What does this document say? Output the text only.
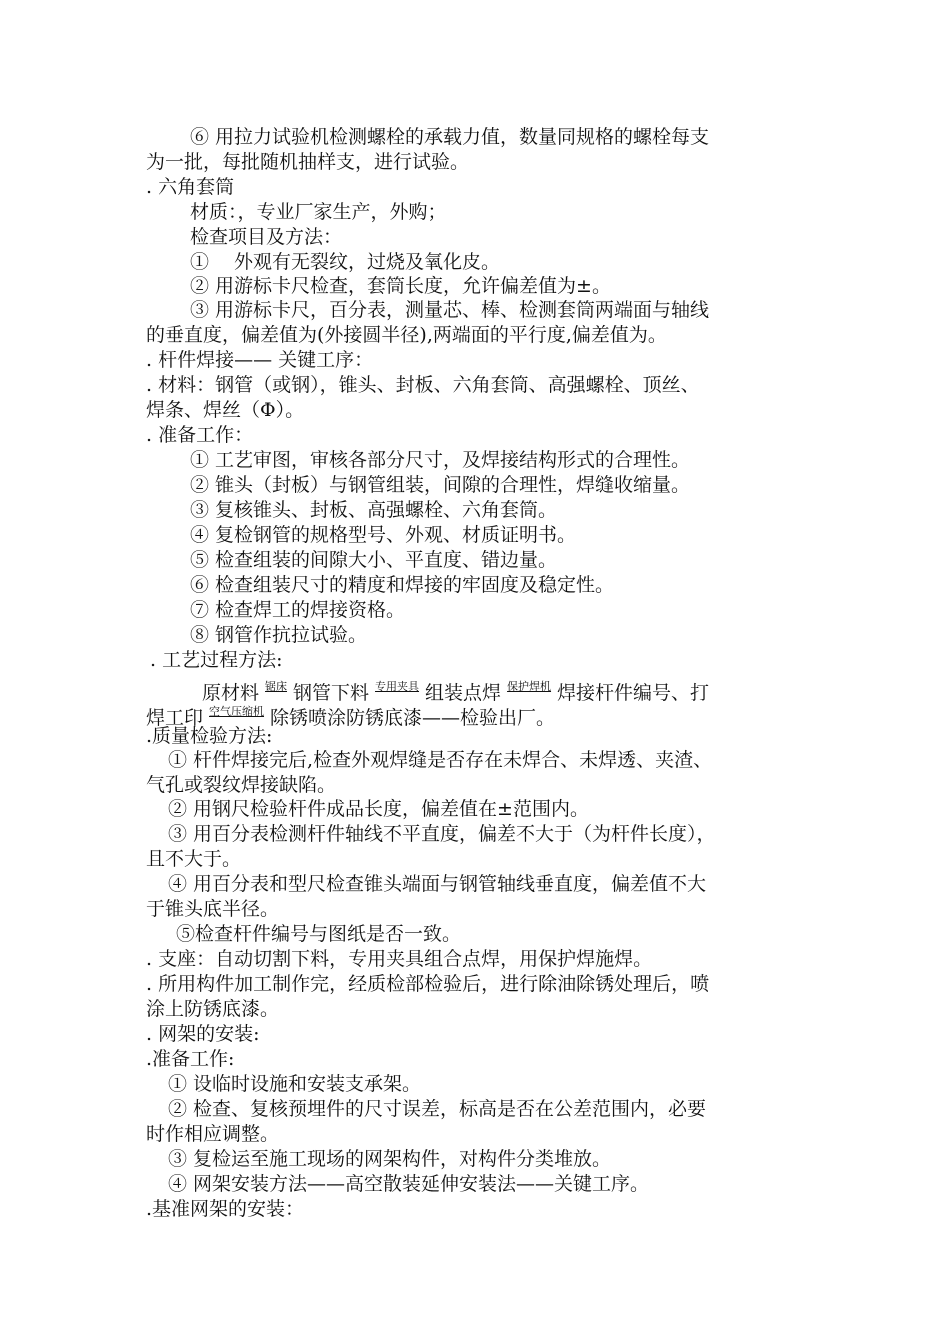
⑥ 用拉力试验机检测螺栓的承载力值，数量同规格的螺栓每支
为一批，每批随机抽样支，进行试验。
. 六角套筒
材质：，专业厂家生产，外购；
检查项目及方法：
①　 外观有无裂纹，过烧及氧化皮。
② 用游标卡尺检查，套筒长度，允许偏差值为±。
③ 用游标卡尺，百分表，测量芯、棒、检测套筒两端面与轴线
的垂直度，偏差值为(外接圆半径),两端面的平行度,偏差值为。
. 杆件焊接—— 关键工序：
. 材料：钢管（或钢），锥头、封板、六角套筒、高强螺栓、顶丝、
焊条、焊丝（Φ）。
. 准备工作：
① 工艺审图，审核各部分尺寸，及焊接结构形式的合理性。
② 锥头（封板）与钢管组装，间隙的合理性，焊缝收缩量。
③ 复核锥头、封板、高强螺栓、六角套筒。
④ 复检钢管的规格型号、外观、材质证明书。
⑤ 检查组装的间隙大小、平直度、错边量。
⑥ 检查组装尺寸的精度和焊接的牢固度及稳定性。
⑦ 检查焊工的焊接资格。
⑧ 钢管作抗拉试验。
. 工艺过程方法:
原材料 锯床 钢管下料 专用夹具 组装点焊 保护焊机 焊接杆件编号、打
焊工印 空气压缩机 除锈喷涂防锈底漆——检验出厂。
.质量检验方法:
① 杆件焊接完后,检查外观焊缝是否存在未焊合、未焊透、夹渣、
气孔或裂纹焊接缺陷。
② 用钢尺检验杆件成品长度，偏差值在±范围内。
③ 用百分表检测杆件轴线不平直度，偏差不大于（为杆件长度），
且不大于。
④ 用百分表和型尺检查锥头端面与钢管轴线垂直度，偏差值不大
于锥头底半径。
⑤检查杆件编号与图纸是否一致。
. 支座：自动切割下料，专用夹具组合点焊，用保护焊施焊。
. 所用构件加工制作完，经质检部检验后，进行除油除锈处理后，喷
涂上防锈底漆。
. 网架的安装:
.准备工作:
① 设临时设施和安装支承架。
② 检查、复核预埋件的尺寸误差，标高是否在公差范围内，必要
时作相应调整。
③ 复检运至施工现场的网架构件，对构件分类堆放。
④ 网架安装方法——高空散装延伸安装法——关键工序。
.基准网架的安装：
